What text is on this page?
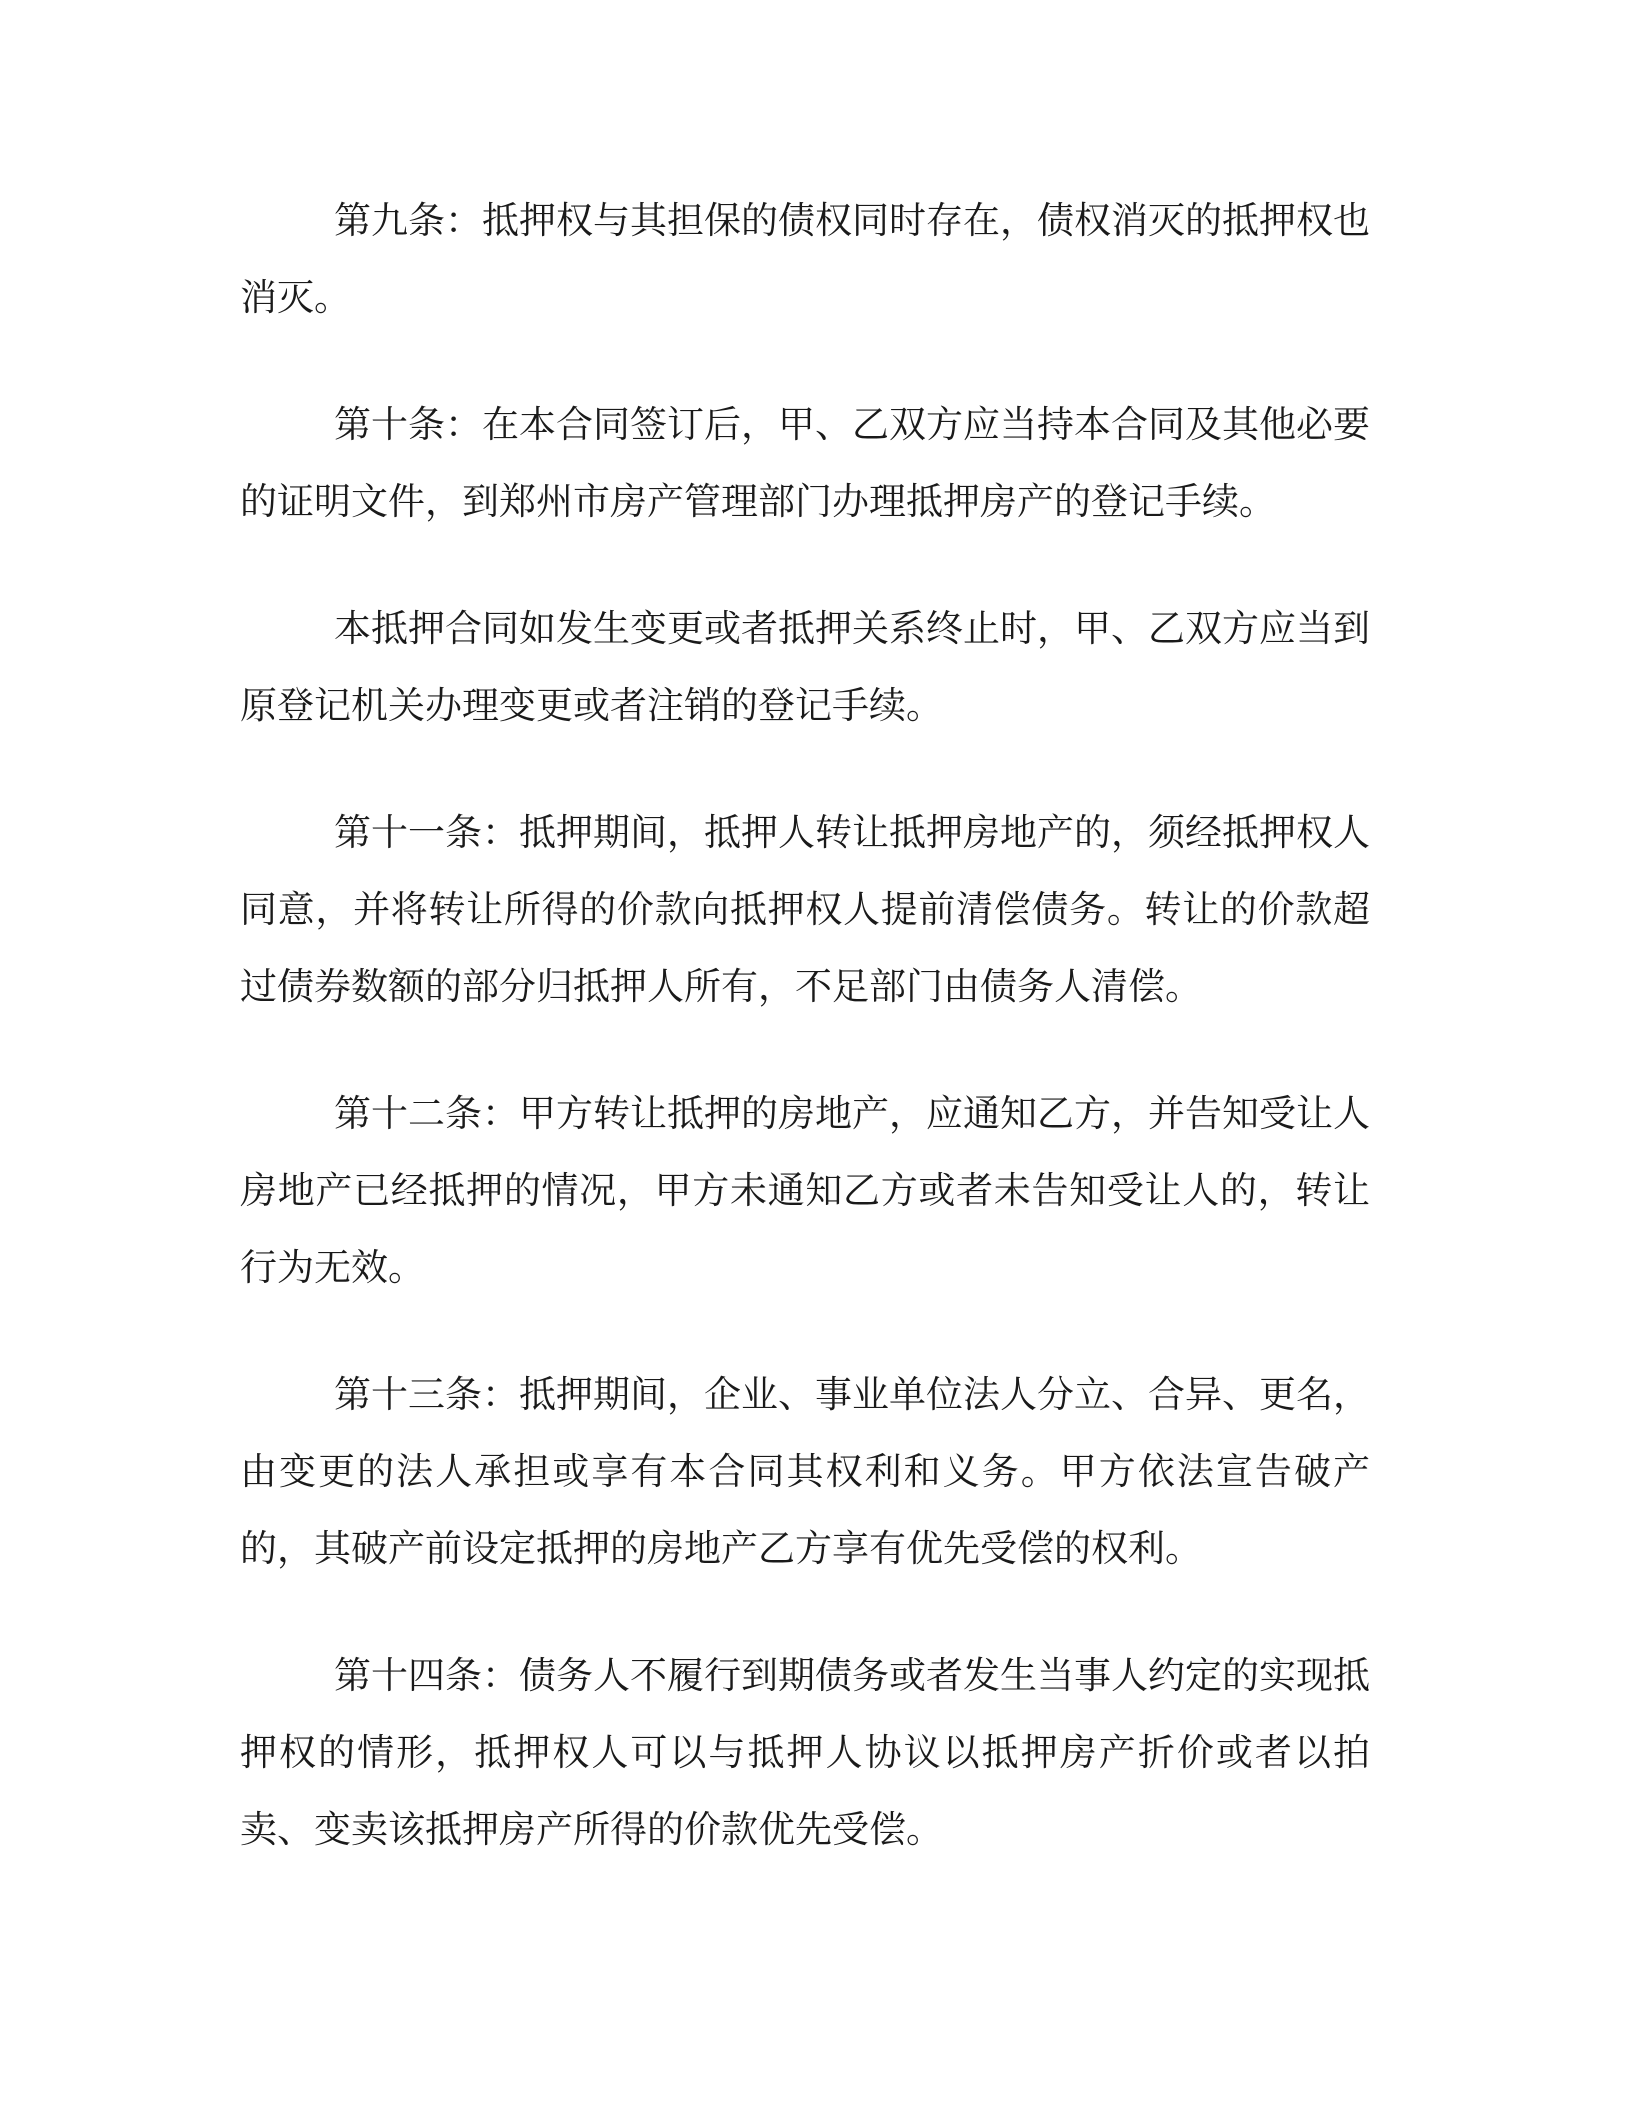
第九条：抵押权与其担保的债权同时存在，债权消灭的抵押权也消灭。

第十条：在本合同签订后，甲、乙双方应当持本合同及其他必要的证明文件，到郑州市房产管理部门办理抵押房产的登记手续。

本抵押合同如发生变更或者抵押关系终止时，甲、乙双方应当到原登记机关办理变更或者注销的登记手续。

第十一条：抵押期间，抵押人转让抵押房地产的，须经抵押权人同意，并将转让所得的价款向抵押权人提前清偿债务。转让的价款超过债券数额的部分归抵押人所有，不足部门由债务人清偿。

第十二条：甲方转让抵押的房地产，应通知乙方，并告知受让人房地产已经抵押的情况，甲方未通知乙方或者未告知受让人的，转让行为无效。

第十三条：抵押期间，企业、事业单位法人分立、合异、更名，由变更的法人承担或享有本合同其权利和义务。甲方依法宣告破产的，其破产前设定抵押的房地产乙方享有优先受偿的权利。

第十四条：债务人不履行到期债务或者发生当事人约定的实现抵押权的情形，抵押权人可以与抵押人协议以抵押房产折价或者以拍卖、变卖该抵押房产所得的价款优先受偿。
